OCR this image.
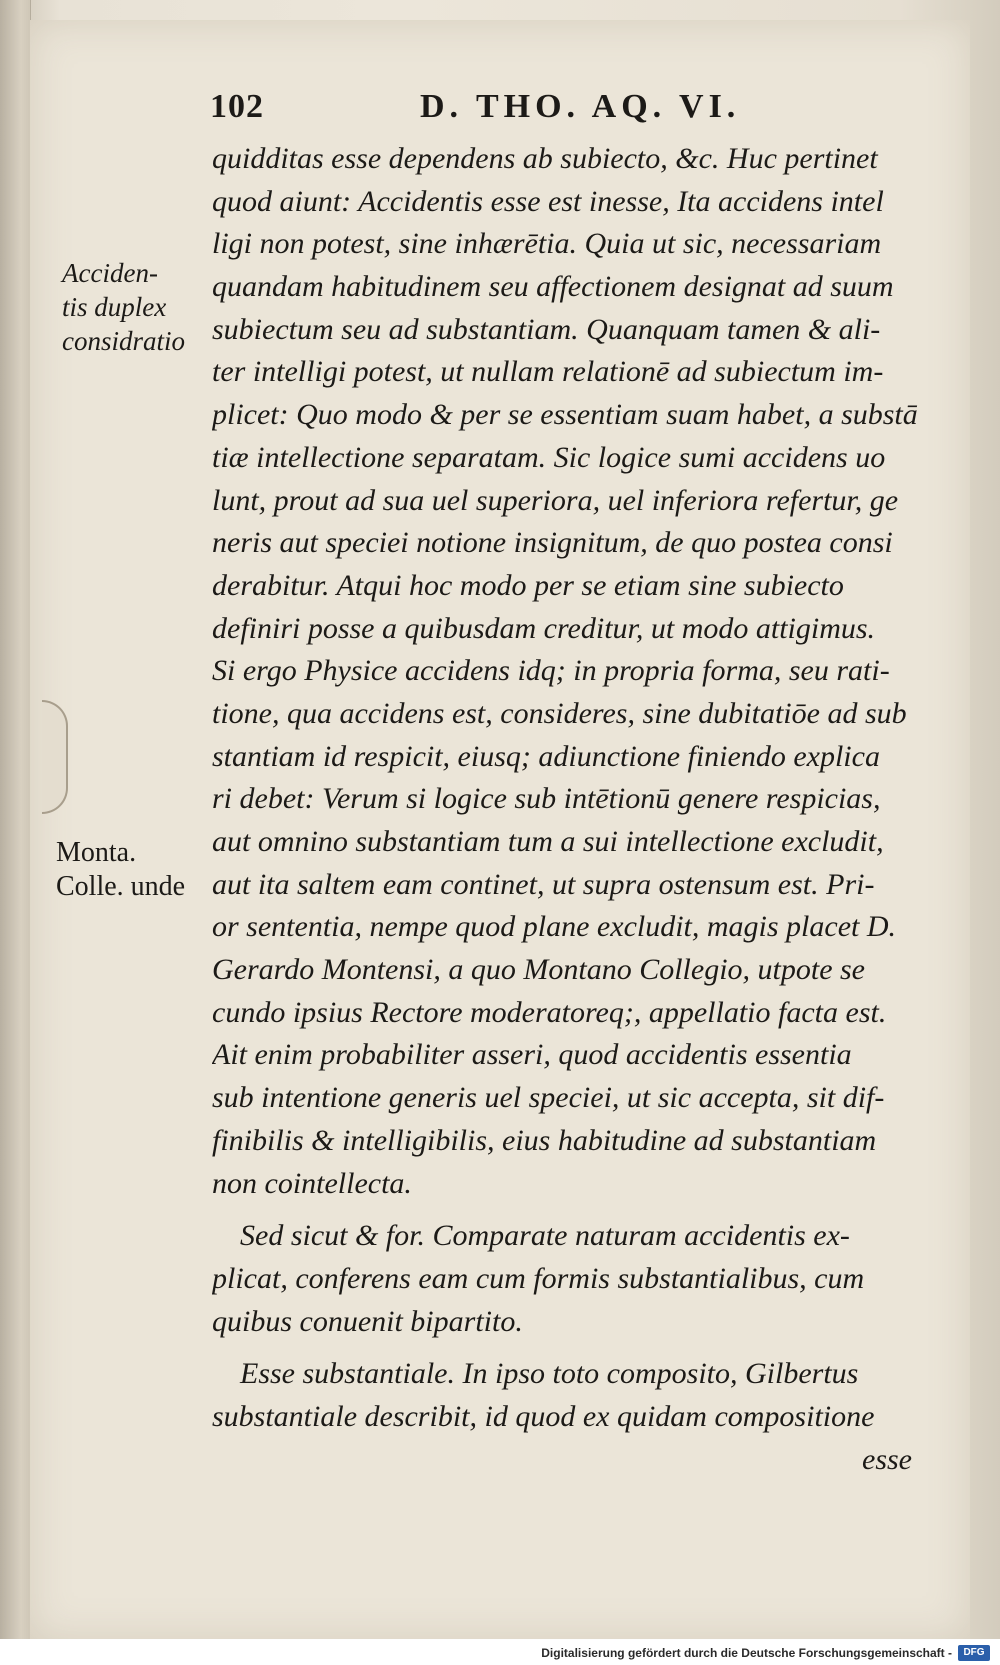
102	D. THO. AQ. VI.
Acciden-
tis duplex
considratio
Monta.
Colle. unde
quidditas esse dependens ab subiecto, &c. Huc pertinet
quod aiunt: Accidentis esse est inesse, Ita accidens intel
ligi non potest, sine inhærētia. Quia ut sic, necessariam
quandam habitudinem seu affectionem designat ad suum
subiectum seu ad substantiam. Quanquam tamen & ali-
ter intelligi potest, ut nullam relationē ad subiectum im-
plicet: Quo modo & per se essentiam suam habet, a substā
tiæ intellectione separatam. Sic logice sumi accidens uo
lunt, prout ad sua uel superiora, uel inferiora refertur, ge
neris aut speciei notione insignitum, de quo postea consi
derabitur. Atqui hoc modo per se etiam sine subiecto
definiri posse a quibusdam creditur, ut modo attigimus.
Si ergo Physice accidens idq; in propria forma, seu rati-
tione, qua accidens est, consideres, sine dubitatiōe ad sub
stantiam id respicit, eiusq; adiunctione finiendo explica
ri debet: Verum si logice sub intētionū genere respicias,
aut omnino substantiam tum a sui intellectione excludit,
aut ita saltem eam continet, ut supra ostensum est. Pri-
or sententia, nempe quod plane excludit, magis placet D.
Gerardo Montensi, a quo Montano Collegio, utpote se
cundo ipsius Rectore moderatoreq;, appellatio facta est.
Ait enim probabiliter asseri, quod accidentis essentia
sub intentione generis uel speciei, ut sic accepta, sit dif-
finibilis & intelligibilis, eius habitudine ad substantiam
non cointellecta.
Sed sicut & for. Comparate naturam accidentis ex-
plicat, conferens eam cum formis substantialibus, cum
quibus conuenit bipartito.
Esse substantiale. In ipso toto composito, Gilbertus
substantiale describit, id quod ex quidam compositione
esse
Digitalisierung gefördert durch die Deutsche Forschungsgemeinschaft -	DFG
